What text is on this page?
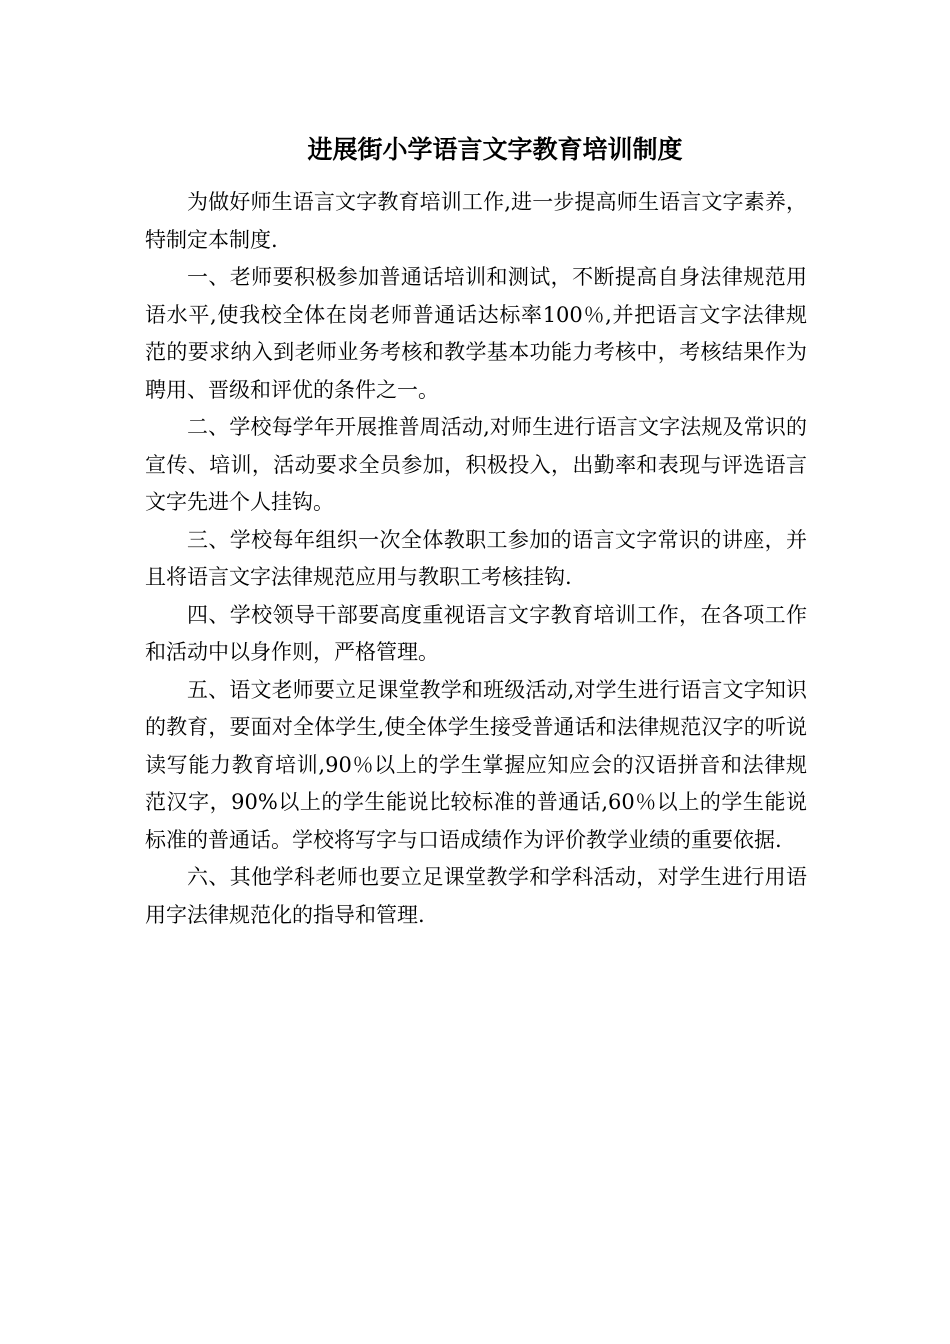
进展街小学语言文字教育培训制度

为做好师生语言文字教育培训工作,进一步提高师生语言文字素养，特制定本制度.

一、老师要积极参加普通话培训和测试，不断提高自身法律规范用语水平,使我校全体在岗老师普通话达标率100％,并把语言文字法律规范的要求纳入到老师业务考核和教学基本功能力考核中，考核结果作为聘用、晋级和评优的条件之一。

二、学校每学年开展推普周活动,对师生进行语言文字法规及常识的宣传、培训，活动要求全员参加，积极投入，出勤率和表现与评选语言文字先进个人挂钩。

三、学校每年组织一次全体教职工参加的语言文字常识的讲座，并且将语言文字法律规范应用与教职工考核挂钩.

四、学校领导干部要高度重视语言文字教育培训工作，在各项工作和活动中以身作则，严格管理。

五、语文老师要立足课堂教学和班级活动,对学生进行语言文字知识的教育，要面对全体学生,使全体学生接受普通话和法律规范汉字的听说读写能力教育培训,90％以上的学生掌握应知应会的汉语拼音和法律规范汉字，90%以上的学生能说比较标准的普通话,60％以上的学生能说标准的普通话。学校将写字与口语成绩作为评价教学业绩的重要依据.

六、其他学科老师也要立足课堂教学和学科活动，对学生进行用语用字法律规范化的指导和管理.
